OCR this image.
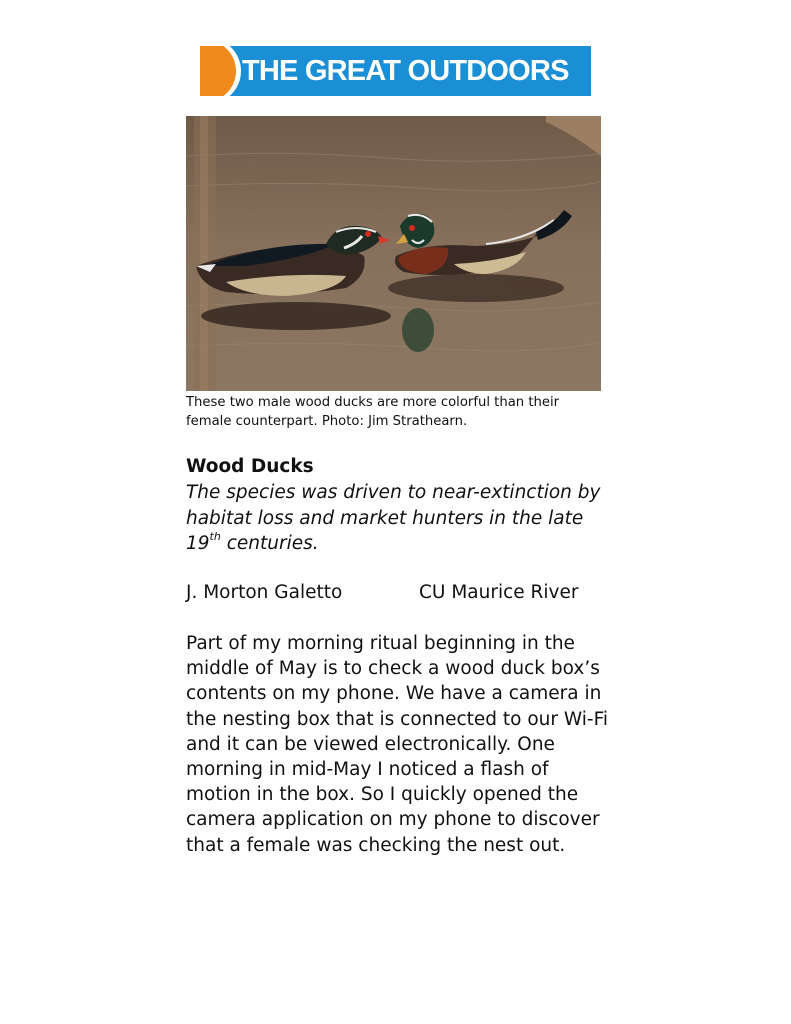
THE GREAT OUTDOORS
These two male wood ducks are more colorful than their female counterpart. Photo: Jim Strathearn.
Wood Ducks
The species was driven to near-extinction by habitat loss and market hunters in the late 19th centuries.
J. Morton Galetto	CU Maurice River
Part of my morning ritual beginning in the middle of May is to check a wood duck box’s contents on my phone. We have a camera in the nesting box that is connected to our Wi-Fi and it can be viewed electronically. One morning in mid-May I noticed a flash of motion in the box. So I quickly opened the camera application on my phone to discover that a female was checking the nest out.
